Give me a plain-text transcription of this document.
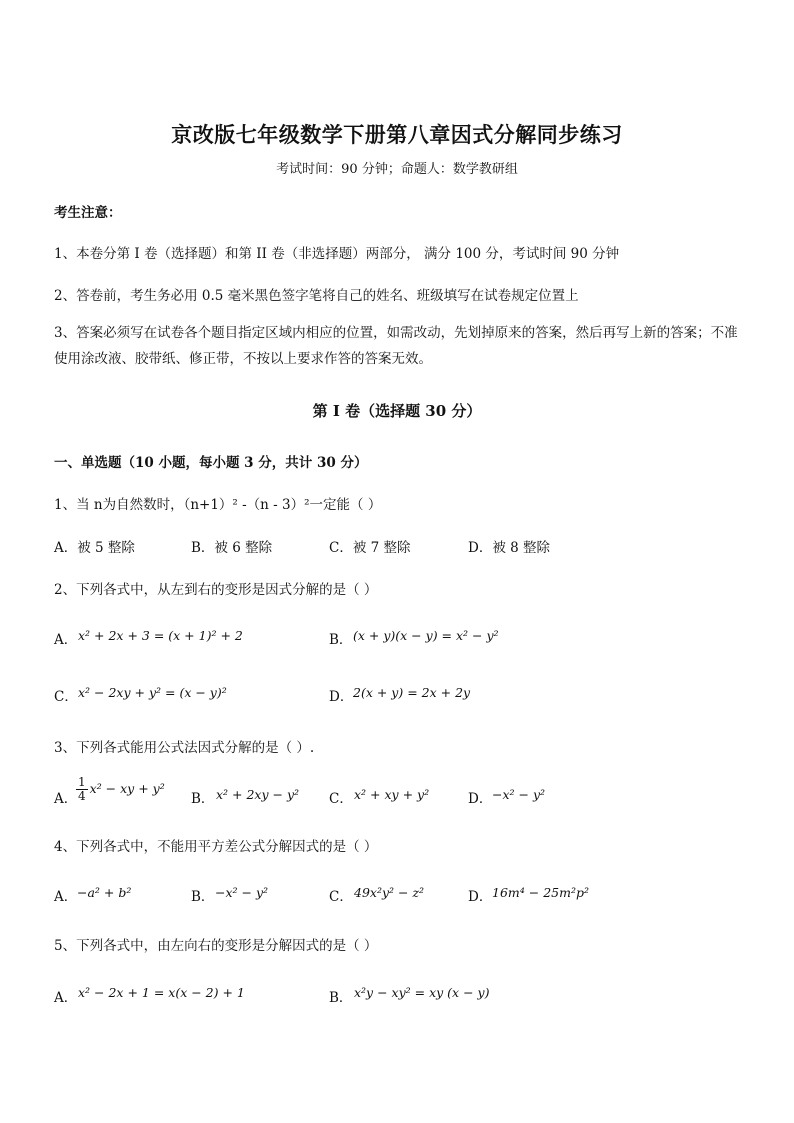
京改版七年级数学下册第八章因式分解同步练习
考试时间：90 分钟；命题人：数学教研组
考生注意：
1、本卷分第 I 卷（选择题）和第 II 卷（非选择题）两部分， 满分 100 分，考试时间 90 分钟
2、答卷前，考生务必用 0.5 毫米黑色签字笔将自己的姓名、班级填写在试卷规定位置上
3、答案必须写在试卷各个题目指定区域内相应的位置，如需改动，先划掉原来的答案，然后再写上新的答案；不准使用涂改液、胶带纸、修正带，不按以上要求作答的答案无效。
第 I 卷（选择题 30 分）
一、单选题（10 小题，每小题 3 分，共计 30 分）
1、当 n为自然数时，（n+1）² -（n - 3）²一定能（ ）
A．被 5 整除	B．被 6 整除	C．被 7 整除	D．被 8 整除
2、下列各式中，从左到右的变形是因式分解的是（ ）
A． x² + 2x + 3 = (x + 1)² + 2	B． (x + y)(x − y) = x² − y²
C． x² − 2xy + y² = (x − y)²	D． 2(x + y) = 2x + 2y
3、下列各式能用公式法因式分解的是（ ）.
A．
$\frac{1}{4} x^2$ − xy + y²
B． x² + 2xy − y² C． x² + xy + y²	D． −x² − y²
4、下列各式中，不能用平方差公式分解因式的是（ ）
A． −a² + b²	B． −x² − y²	C． 49x²y² − z²	D． 16m⁴ − 25m²p²
5、下列各式中，由左向右的变形是分解因式的是（ ）
A． x² − 2x + 1 = x(x − 2) + 1	B． x²y − xy² = xy (x − y)
